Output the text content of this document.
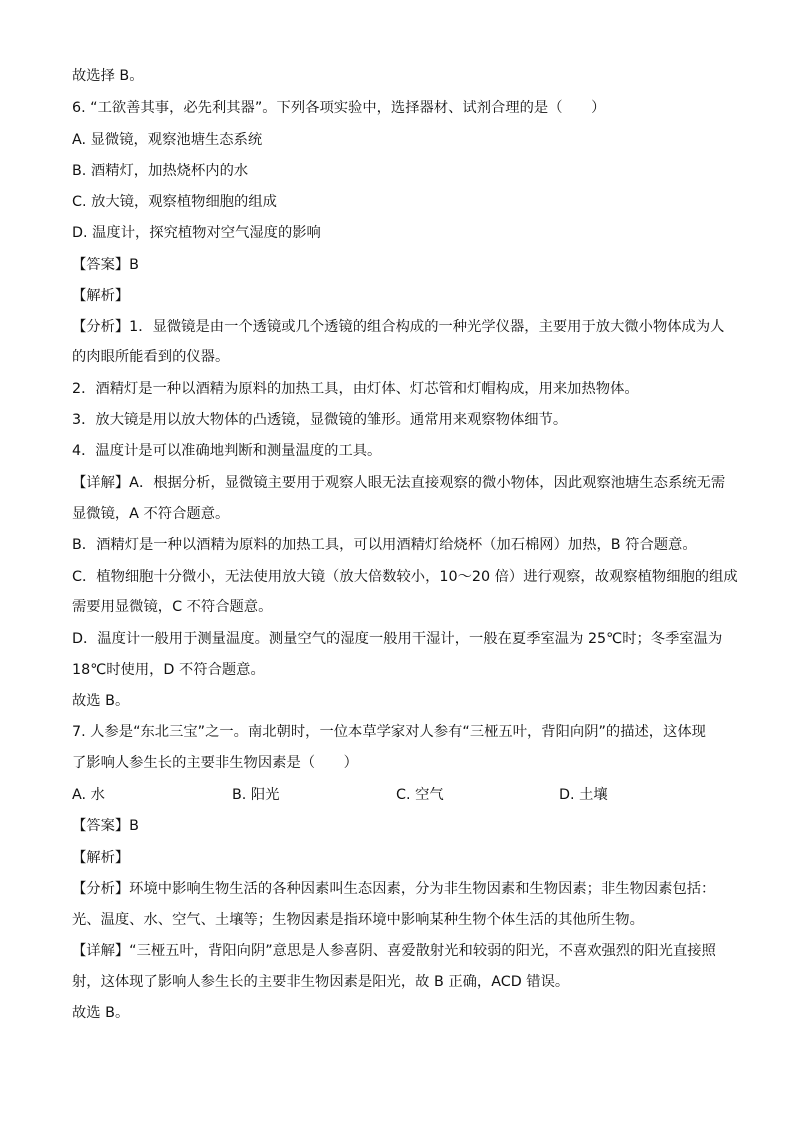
故选择 B。
6. “工欲善其事，必先利其器”。下列各项实验中，选择器材、试剂合理的是（　　）
A. 显微镜，观察池塘生态系统
B. 酒精灯，加热烧杯内的水
C. 放大镜，观察植物细胞的组成
D. 温度计，探究植物对空气湿度的影响
【答案】B
【解析】
【分析】1．显微镜是由一个透镜或几个透镜的组合构成的一种光学仪器，主要用于放大微小物体成为人
的肉眼所能看到的仪器。
2．酒精灯是一种以酒精为原料的加热工具，由灯体、灯芯管和灯帽构成，用来加热物体。
3．放大镜是用以放大物体的凸透镜，显微镜的雏形。通常用来观察物体细节。
4．温度计是可以准确地判断和测量温度的工具。
【详解】A．根据分析，显微镜主要用于观察人眼无法直接观察的微小物体，因此观察池塘生态系统无需
显微镜，A 不符合题意。
B．酒精灯是一种以酒精为原料的加热工具，可以用酒精灯给烧杯（加石棉网）加热，B 符合题意。
C．植物细胞十分微小，无法使用放大镜（放大倍数较小，10～20 倍）进行观察，故观察植物细胞的组成
需要用显微镜，C 不符合题意。
D．温度计一般用于测量温度。测量空气的湿度一般用干湿计，一般在夏季室温为 25℃时；冬季室温为
18℃时使用，D 不符合题意。
故选 B。
7. 人参是“东北三宝”之一。南北朝时，一位本草学家对人参有“三桠五叶，背阳向阴”的描述，这体现
了影响人参生长的主要非生物因素是（　　）
A. 水	B. 阳光	C. 空气	D. 土壤
【答案】B
【解析】
【分析】环境中影响生物生活的各种因素叫生态因素，分为非生物因素和生物因素；非生物因素包括：
光、温度、水、空气、土壤等；生物因素是指环境中影响某种生物个体生活的其他所生物。
【详解】“三桠五叶，背阳向阴”意思是人参喜阴、喜爱散射光和较弱的阳光，不喜欢强烈的阳光直接照
射，这体现了影响人参生长的主要非生物因素是阳光，故 B 正确，ACD 错误。
故选 B。
